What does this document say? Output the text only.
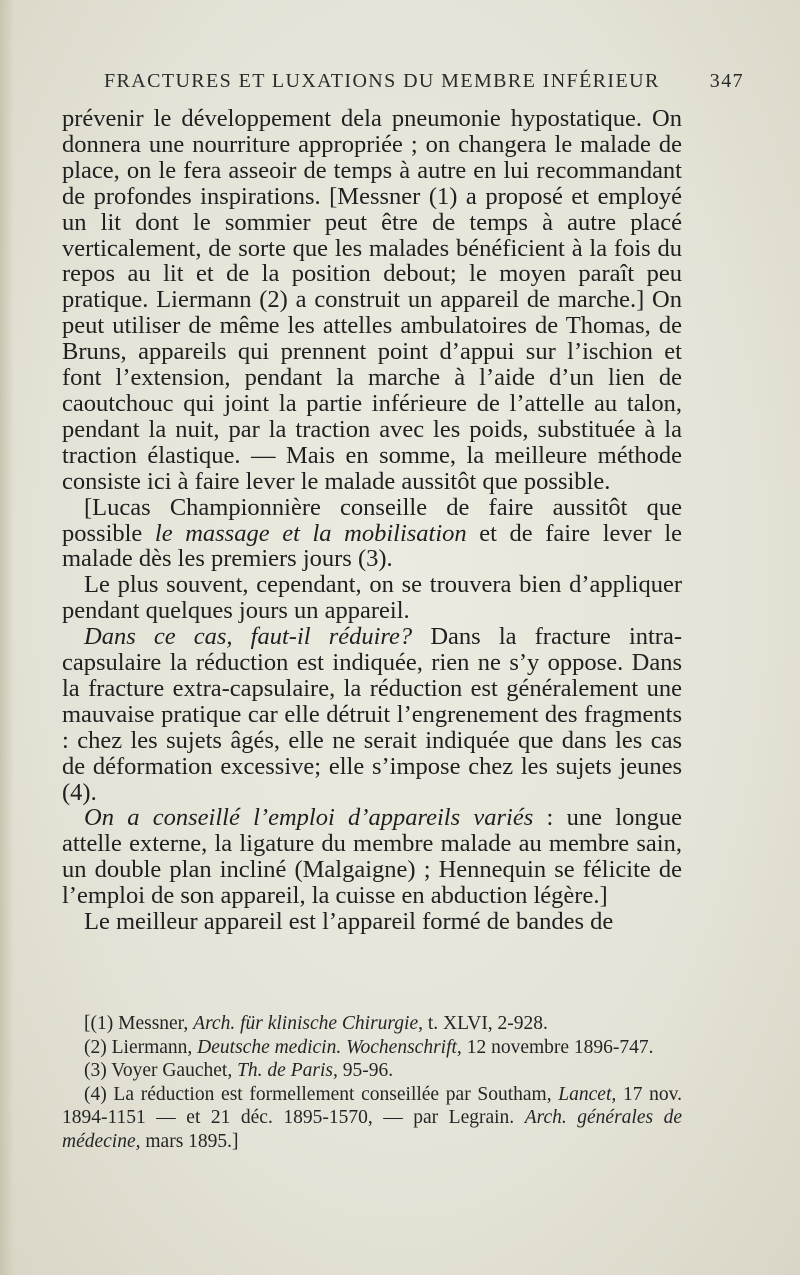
FRACTURES ET LUXATIONS DU MEMBRE INFÉRIEUR	347

prévenir le développement dela pneumonie hypostatique. On donnera une nourriture appropriée ; on changera le malade de place, on le fera asseoir de temps à autre en lui recommandant de profondes inspirations. [Messner (1) a proposé et employé un lit dont le sommier peut être de temps à autre placé verticalement, de sorte que les malades bénéficient à la fois du repos au lit et de la position debout; le moyen paraît peu pratique. Liermann (2) a construit un appareil de marche.] On peut utiliser de même les attelles ambulatoires de Thomas, de Bruns, appareils qui prennent point d’appui sur l’ischion et font l’extension, pendant la marche à l’aide d’un lien de caoutchouc qui joint la partie inférieure de l’attelle au talon, pendant la nuit, par la traction avec les poids, substituée à la traction élastique. — Mais en somme, la meilleure méthode consiste ici à faire lever le malade aussitôt que possible.

[Lucas Championnière conseille de faire aussitôt que possible le massage et la mobilisation et de faire lever le malade dès les premiers jours (3).

Le plus souvent, cependant, on se trouvera bien d’appliquer pendant quelques jours un appareil.

Dans ce cas, faut-il réduire? Dans la fracture intra-capsulaire la réduction est indiquée, rien ne s’y oppose. Dans la fracture extra-capsulaire, la réduction est généralement une mauvaise pratique car elle détruit l’engrenement des fragments : chez les sujets âgés, elle ne serait indiquée que dans les cas de déformation excessive; elle s’impose chez les sujets jeunes (4).

On a conseillé l’emploi d’appareils variés : une longue attelle externe, la ligature du membre malade au membre sain, un double plan incliné (Malgaigne) ; Hennequin se félicite de l’emploi de son appareil, la cuisse en abduction légère.]

Le meilleur appareil est l’appareil formé de bandes de

[(1) Messner, Arch. für klinische Chirurgie, t. XLVI, 2-928.

(2) Liermann, Deutsche medicin. Wochenschrift, 12 novembre 1896-747.

(3) Voyer Gauchet, Th. de Paris, 95-96.

(4) La réduction est formellement conseillée par Southam, Lancet, 17 nov. 1894-1151 — et 21 déc. 1895-1570, — par Legrain. Arch. générales de médecine, mars 1895.]
